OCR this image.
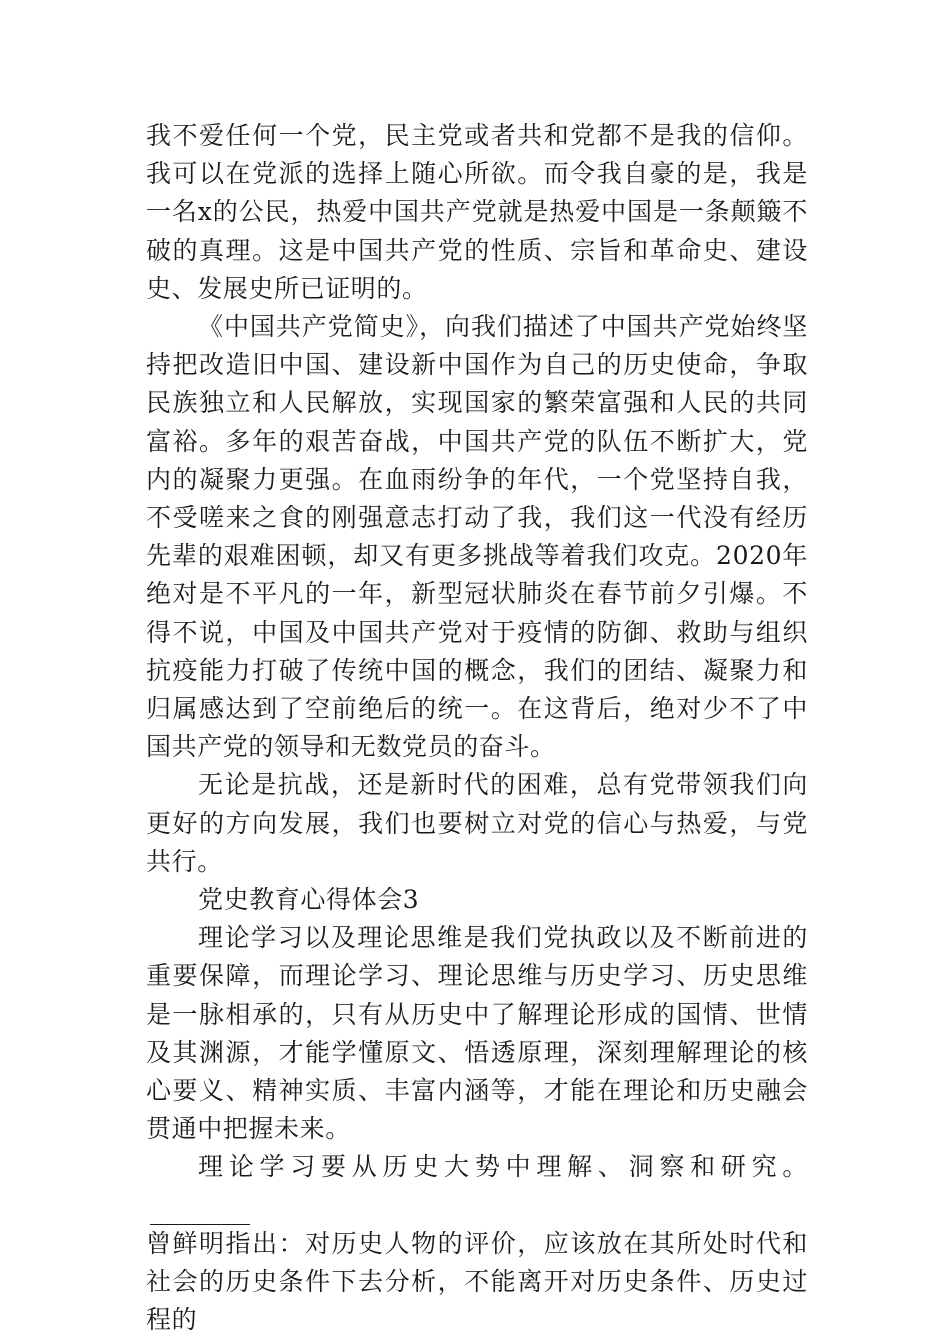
我不爱任何一个党，民主党或者共和党都不是我的信仰。我可以在党派的选择上随心所欲。而令我自豪的是，我是一名x的公民，热爱中国共产党就是热爱中国是一条颠簸不破的真理。这是中国共产党的性质、宗旨和革命史、建设史、发展史所已证明的。

《中国共产党简史》，向我们描述了中国共产党始终坚持把改造旧中国、建设新中国作为自己的历史使命，争取民族独立和人民解放，实现国家的繁荣富强和人民的共同富裕。多年的艰苦奋战，中国共产党的队伍不断扩大，党内的凝聚力更强。在血雨纷争的年代，一个党坚持自我，不受嗟来之食的刚强意志打动了我，我们这一代没有经历先辈的艰难困顿，却又有更多挑战等着我们攻克。2020年绝对是不平凡的一年，新型冠状肺炎在春节前夕引爆。不得不说，中国及中国共产党对于疫情的防御、救助与组织抗疫能力打破了传统中国的概念，我们的团结、凝聚力和归属感达到了空前绝后的统一。在这背后，绝对少不了中国共产党的领导和无数党员的奋斗。

无论是抗战，还是新时代的困难，总有党带领我们向更好的方向发展，我们也要树立对党的信心与热爱，与党共行。

党史教育心得体会3

理论学习以及理论思维是我们党执政以及不断前进的重要保障，而理论学习、理论思维与历史学习、历史思维是一脉相承的，只有从历史中了解理论形成的国情、世情及其渊源，才能学懂原文、悟透原理，深刻理解理论的核心要义、精神实质、丰富内涵等，才能在理论和历史融会贯通中把握未来。

理论学习要从历史大势中理解、洞察和研究。

曾鲜明指出：对历史人物的评价，应该放在其所处时代和社会的历史条件下去分析，不能离开对历史条件、历史过程的
